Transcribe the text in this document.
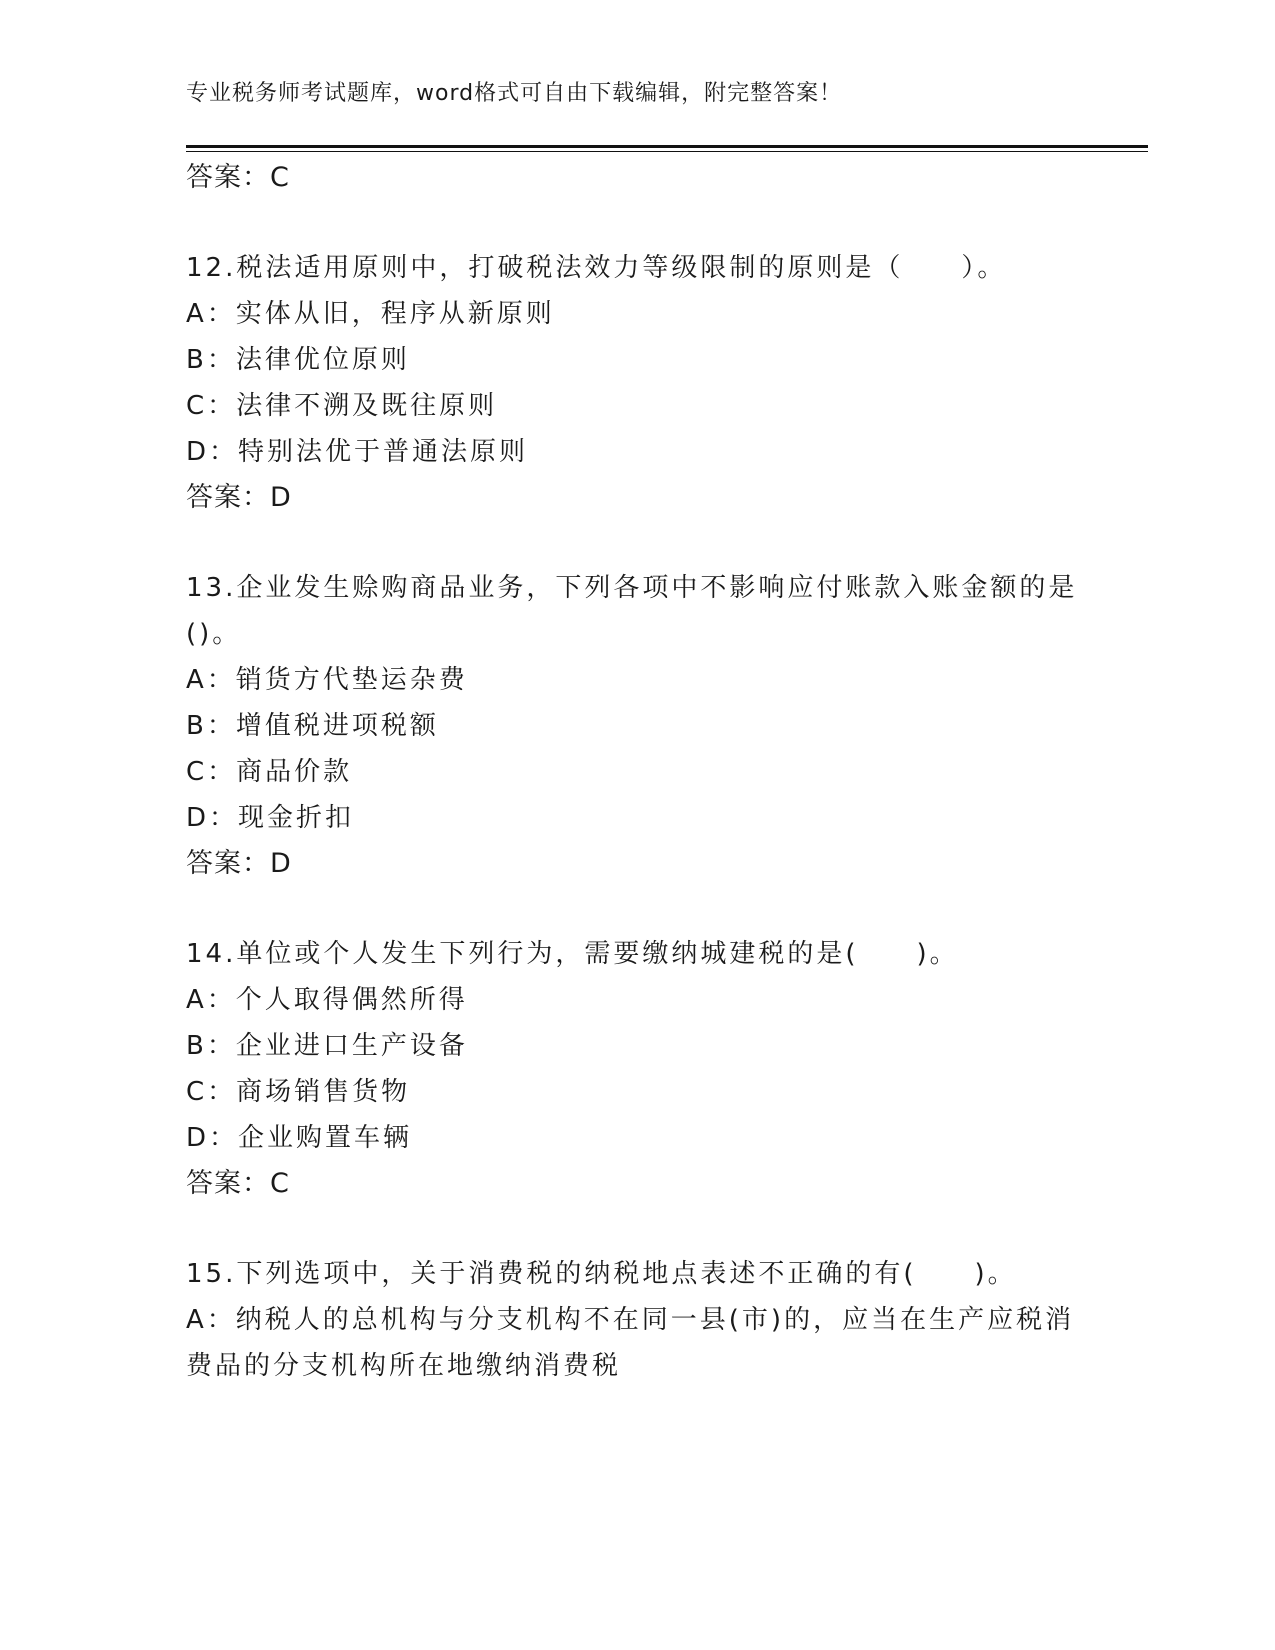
专业税务师考试题库，word格式可自由下载编辑，附完整答案！
答案：C
12.税法适用原则中，打破税法效力等级限制的原则是（　　）。
A：实体从旧，程序从新原则
B：法律优位原则
C：法律不溯及既往原则
D：特别法优于普通法原则
答案：D
13.企业发生赊购商品业务，下列各项中不影响应付账款入账金额的是
()。
A：销货方代垫运杂费
B：增值税进项税额
C：商品价款
D：现金折扣
答案：D
14.单位或个人发生下列行为，需要缴纳城建税的是(　　)。
A：个人取得偶然所得
B：企业进口生产设备
C：商场销售货物
D：企业购置车辆
答案：C
15.下列选项中，关于消费税的纳税地点表述不正确的有(　　)。
A：纳税人的总机构与分支机构不在同一县(市)的，应当在生产应税消
费品的分支机构所在地缴纳消费税
